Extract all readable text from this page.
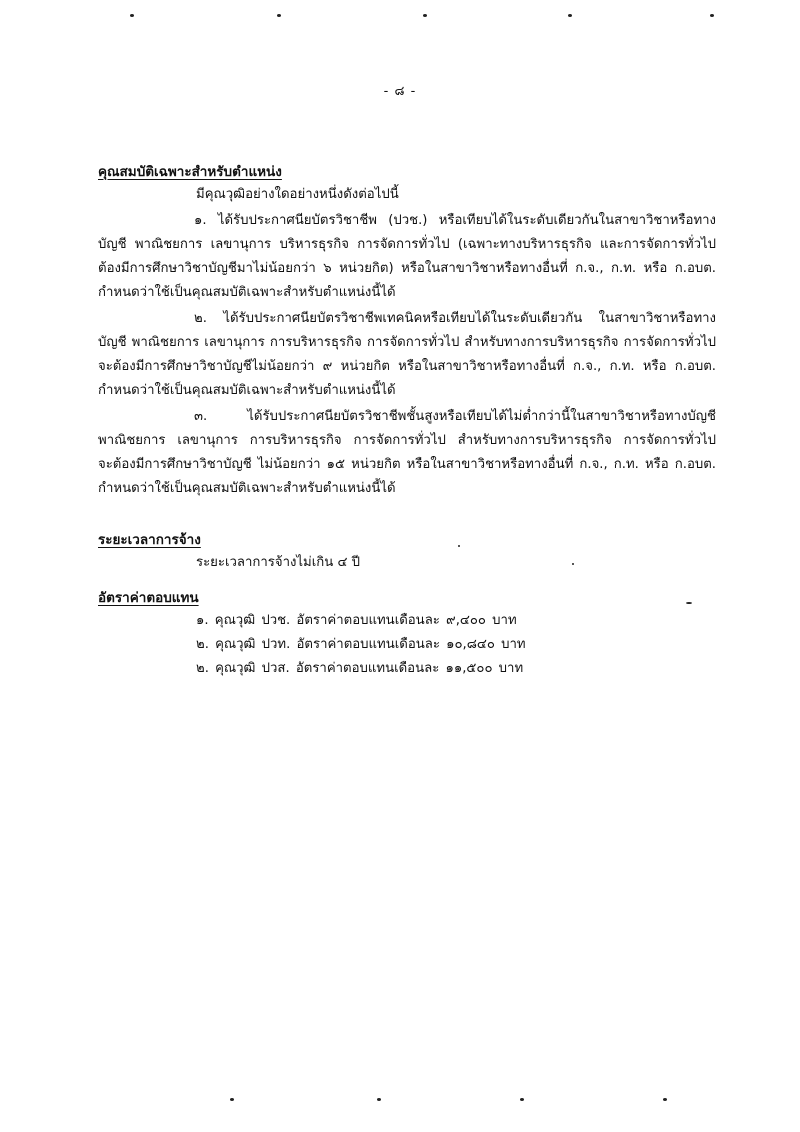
- ๘ -
คุณสมบัติเฉพาะสำหรับตำแหน่ง
มีคุณวุฒิอย่างใดอย่างหนึ่งดังต่อไปนี้
๑. ได้รับประกาศนียบัตรวิชาชีพ (ปวช.) หรือเทียบได้ในระดับเดียวกันในสาขาวิชาหรือทาง
บัญชี พาณิชยการ เลขานุการ บริหารธุรกิจ การจัดการทั่วไป (เฉพาะทางบริหารธุรกิจ และการจัดการทั่วไป
ต้องมีการศึกษาวิชาบัญชีมาไม่น้อยกว่า ๖ หน่วยกิต) หรือในสาขาวิชาหรือทางอื่นที่ ก.จ., ก.ท. หรือ ก.อบต.
กำหนดว่าใช้เป็นคุณสมบัติเฉพาะสำหรับตำแหน่งนี้ได้
๒. ได้รับประกาศนียบัตรวิชาชีพเทคนิคหรือเทียบได้ในระดับเดียวกัน ในสาขาวิชาหรือทาง
บัญชี พาณิชยการ เลขานุการ การบริหารธุรกิจ การจัดการทั่วไป สำหรับทางการบริหารธุรกิจ การจัดการทั่วไป
จะต้องมีการศึกษาวิชาบัญชีไม่น้อยกว่า ๙ หน่วยกิต หรือในสาขาวิชาหรือทางอื่นที่ ก.จ., ก.ท. หรือ ก.อบต.
กำหนดว่าใช้เป็นคุณสมบัติเฉพาะสำหรับตำแหน่งนี้ได้
๓. ได้รับประกาศนียบัตรวิชาชีพชั้นสูงหรือเทียบได้ไม่ต่ำกว่านี้ในสาขาวิชาหรือทางบัญชี
พาณิชยการ เลขานุการ การบริหารธุรกิจ การจัดการทั่วไป สำหรับทางการบริหารธุรกิจ การจัดการทั่วไป
จะต้องมีการศึกษาวิชาบัญชี ไม่น้อยกว่า ๑๕ หน่วยกิต หรือในสาขาวิชาหรือทางอื่นที่ ก.จ., ก.ท. หรือ ก.อบต.
กำหนดว่าใช้เป็นคุณสมบัติเฉพาะสำหรับตำแหน่งนี้ได้
ระยะเวลาการจ้าง
ระยะเวลาการจ้างไม่เกิน ๔ ปี
อัตราค่าตอบแทน
๑. คุณวุฒิ ปวช. อัตราค่าตอบแทนเดือนละ ๙,๔๐๐ บาท
๒. คุณวุฒิ ปวท. อัตราค่าตอบแทนเดือนละ ๑๐,๘๔๐ บาท
๒. คุณวุฒิ ปวส. อัตราค่าตอบแทนเดือนละ ๑๑,๕๐๐ บาท
